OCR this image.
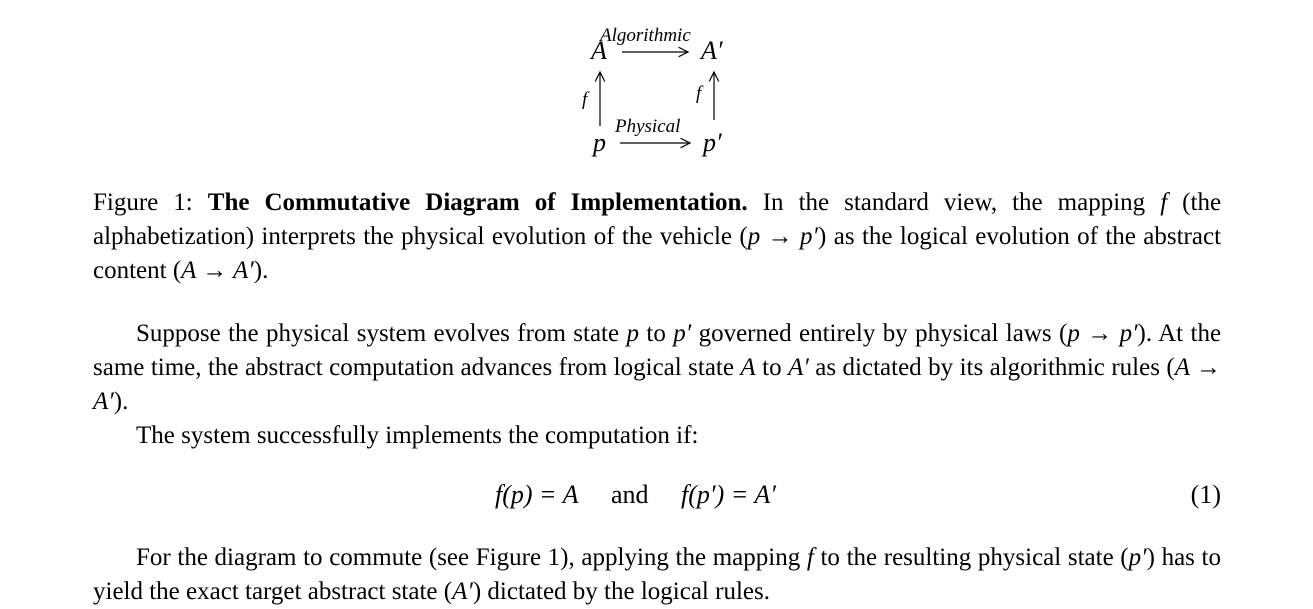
A	A′
p	p′
Algorithmic
Physical
f	f
Figure 1: The Commutative Diagram of Implementation. In the standard view, the mapping f (the alphabetization) interprets the physical evolution of the vehicle (p → p′) as the logical evolution of the abstract content (A → A′).
Suppose the physical system evolves from state p to p′ governed entirely by physical laws (p → p′). At the same time, the abstract computation advances from logical state A to A′ as dictated by its algorithmic rules (A → A′).
The system successfully implements the computation if:
f(p) = A and f(p′) = A′	(1)
For the diagram to commute (see Figure 1), applying the mapping f to the resulting physical state (p′) has to yield the exact target abstract state (A′) dictated by the logical rules.
